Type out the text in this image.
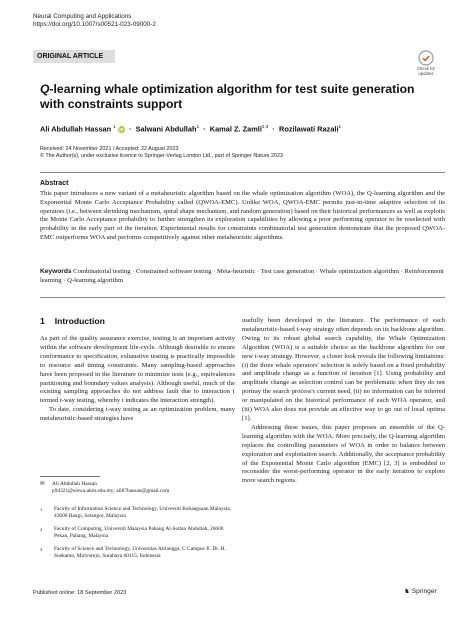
Neural Computing and Applications
https://doi.org/10.1007/s00521-023-09000-2
ORIGINAL ARTICLE
Check for updates
Q-learning whale optimization algorithm for test suite generation with constraints support
Ali Abdullah Hassan $^1$ iD  ·  Salwani Abdullah$^1$  ·  Kamal Z. Zamli$^{2,3}$  ·  Rozilawati Razali$^1$
Received: 24 November 2021 / Accepted: 22 August 2023
© The Author(s), under exclusive licence to Springer-Verlag London Ltd., part of Springer Nature 2023
Abstract
This paper introduces a new variant of a metaheuristic algorithm based on the whale optimization algorithm (WOA), the Q-learning algorithm and the Exponential Monte Carlo Acceptance Probability called (QWOA-EMC). Unlike WOA, QWOA-EMC permits just-in-time adaptive selection of its operators (i.e., between shrinking mechanism, spiral shape mechanism, and random generation) based on their historical performances as well as exploits the Monte Carlo Acceptance probability to further strengthen its exploration capabilities by allowing a poor performing operator to be reselected with probability in the early part of the iteration. Experimental results for constraints combinatorial test generation demonstrate that the proposed QWOA-EMC outperforms WOA and performs competitively against other metaheuristic algorithms.
Keywords Combinatorial testing · Constrained software testing · Meta-heuristic · Test case generation · Whale optimization algorithm · Reinforcement learning · Q-learning algorithm
1 Introduction

As part of the quality assurance exercise, testing is an important activity within the software development life-cycle. Although desirable to ensure conformance to specification, exhaustive testing is practically impossible to resource and timing constraints. Many sampling-based approaches have been proposed in the literature to minimize tests (e.g., equivalences partitioning and boundary values analysis). Although useful, much of the existing sampling approaches do not address fault due to interaction ( termed t-way testing, whereby t indicates the interaction strength).

To date, considering t-way testing as an optimization problem, many metaheuristic-based strategies have

✉ Ali Abdullah Hassan
p94321@siswa.ukm.edu.my; ali87hassan@gmail.com
1 Faculty of Information Science and Technology, Universiti Kebangsaan Malaysia, 43600 Bangi, Selangor, Malaysia
2 Faculty of Computing, Universiti Malaysia Pahang Al-Sultan Abdullah, 26600 Pekan, Pahang, Malaysia
3 Faculty of Science and Technology, Universitas Airlangga, C Campus Jl. Dr. H. Soekamo, Mulyorejo, Surabaya 60115, Indonesia

usefully been developed in the literature. The performance of each metaheuristic-based t-way strategy often depends on its backbone algorithm. Owing to its robust global search capability, the Whale Optimization Algorithm (WOA) is a suitable choice as the backbone algorithm for our new t-way strategy. However, a closer look reveals the following limitations: (i) the three whale operators' selection is solely based on a fixed probability and amplitude change as a function of iteration [1]. Using probability and amplitude change as selection control can be problematic when they do not portray the search process's current need, (ii) no information can be inferred or manipulated on the historical performance of each WOA operator, and (iii) WOA also does not provide an effective way to go out of local optima [1].

Addressing these issues, this paper proposes an ensemble of the Q-learning algorithm with the WOA. More precisely, the Q-learning algorithm replaces the controlling parameters of WOA in order to balance between exploration and exploitation search. Additionally, the acceptance probability of the Exponential Monte Carlo algorithm (EMC) [2, 3] is embedded to reconsider the worst-performing operator in the early iteration to explore more search regions.

Published online: 18 September 2023	♞ Springer
